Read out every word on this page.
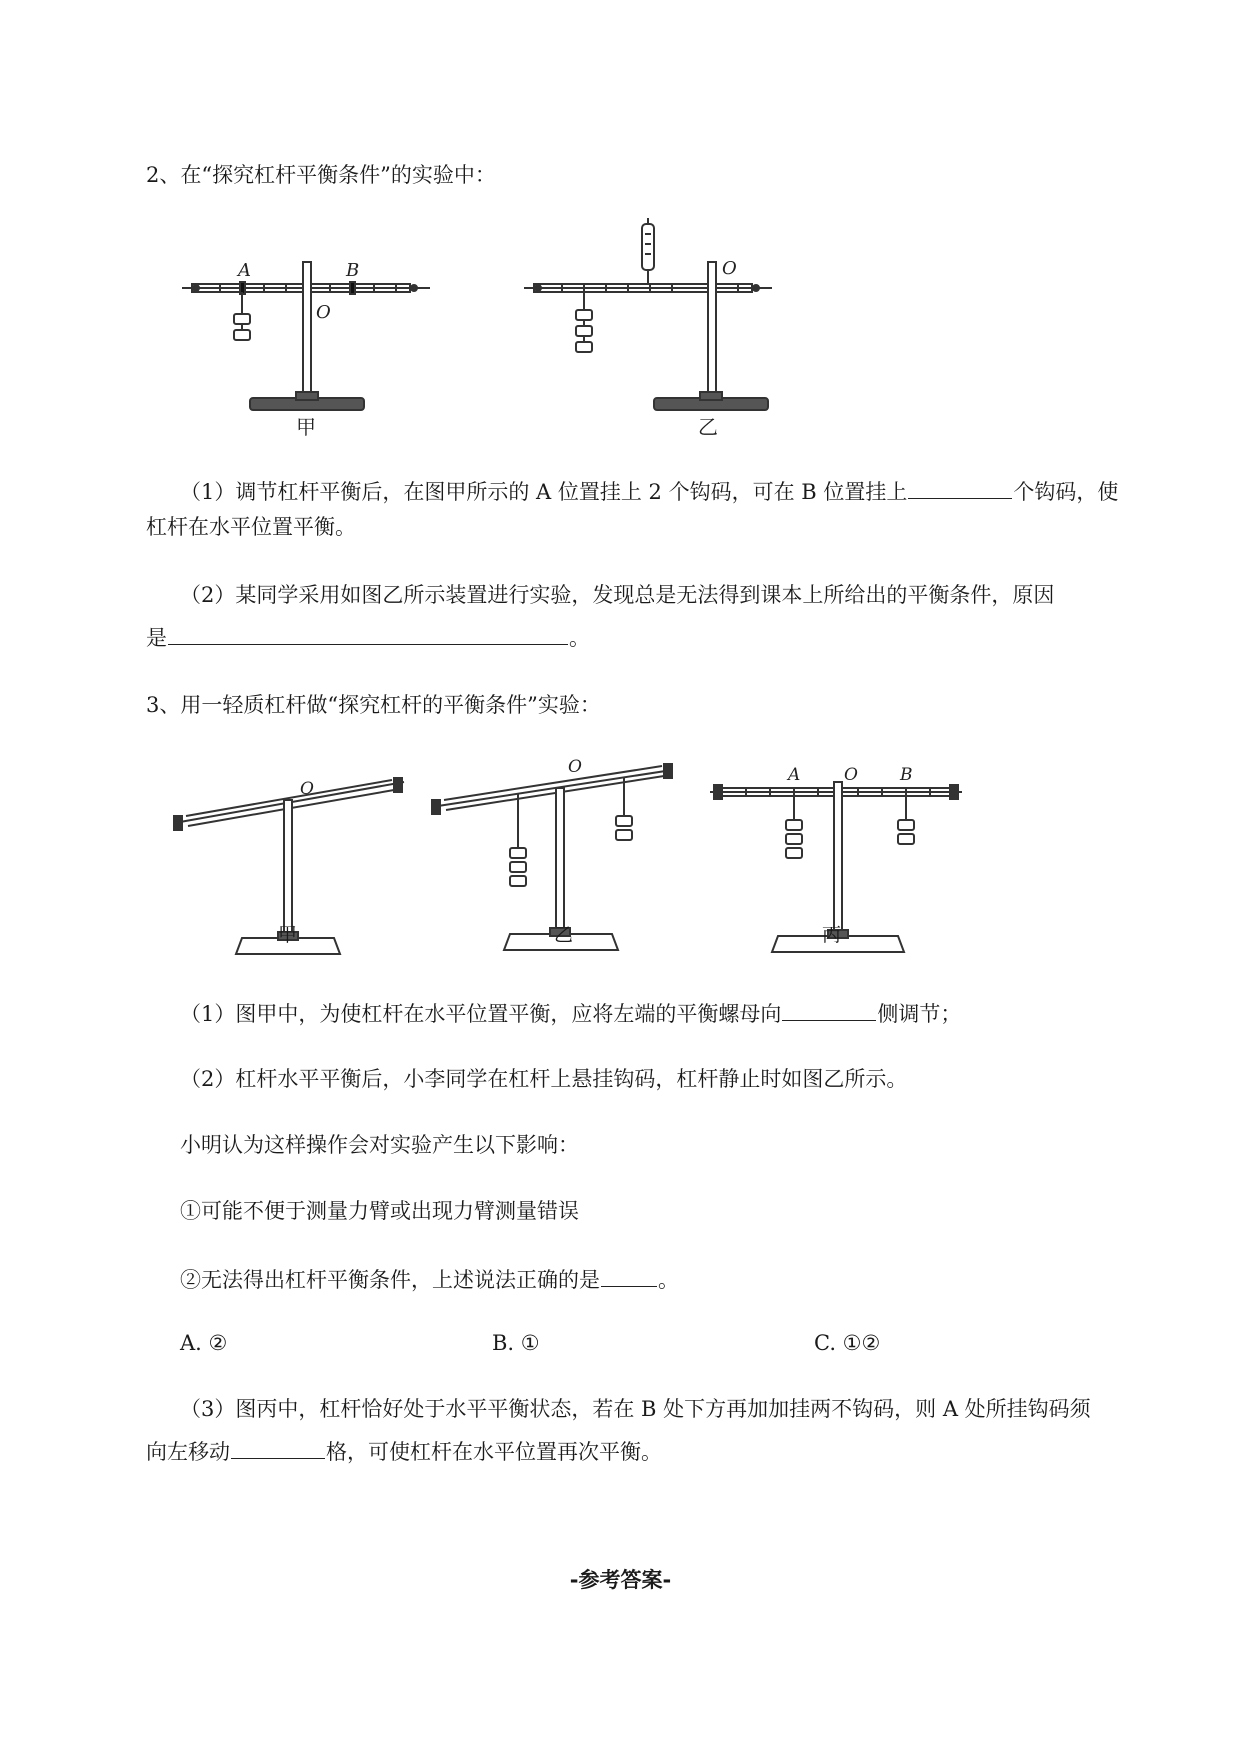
2、在“探究杠杆平衡条件”的实验中：
A	B
O
甲
O
乙
（1）调节杠杆平衡后，在图甲所示的 A 位置挂上 2 个钩码，可在 B 位置挂上	个钩码，使
杠杆在水平位置平衡。
（2）某同学采用如图乙所示装置进行实验，发现总是无法得到课本上所给出的平衡条件，原因
是	。
3、用一轻质杠杆做“探究杠杆的平衡条件”实验：
O
甲
O
乙
A	O B
丙
（1）图甲中，为使杠杆在水平位置平衡，应将左端的平衡螺母向	侧调节；
（2）杠杆水平平衡后，小李同学在杠杆上悬挂钩码，杠杆静止时如图乙所示。
小明认为这样操作会对实验产生以下影响：
①可能不便于测量力臂或出现力臂测量错误
②无法得出杠杆平衡条件，上述说法正确的是	。
A. ②	B. ①	C. ①②
（3）图丙中，杠杆恰好处于水平平衡状态，若在 B 处下方再加加挂两不钩码，则 A 处所挂钩码须
向左移动	格，可使杠杆在水平位置再次平衡。
-参考答案-
